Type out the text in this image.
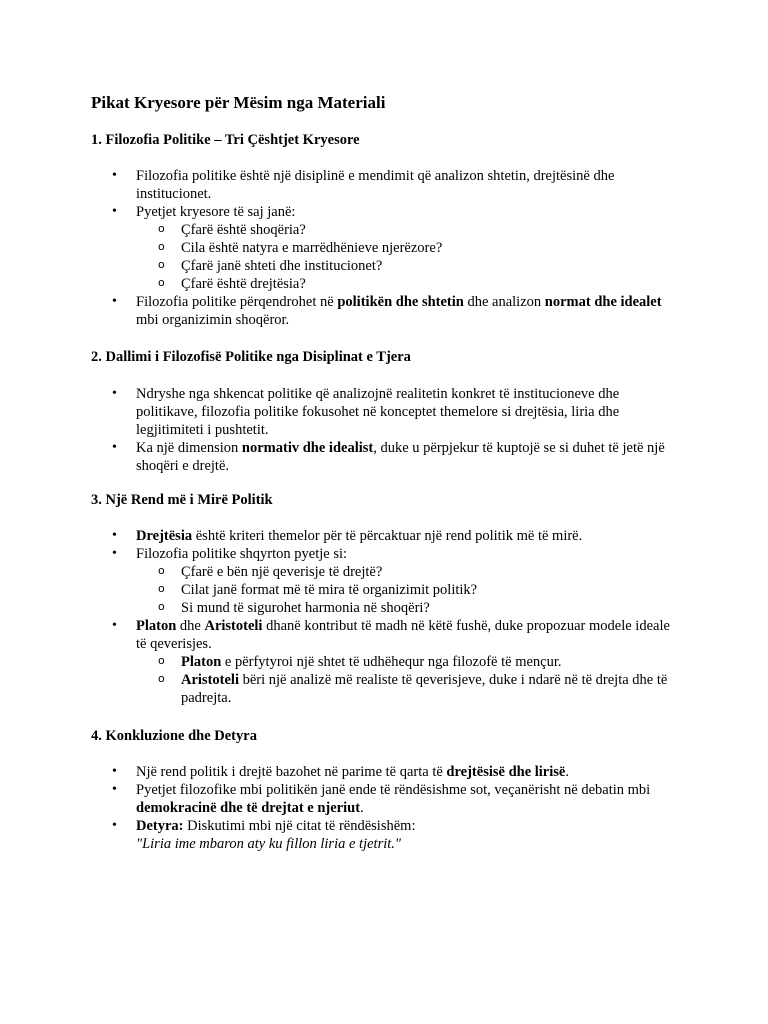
Pikat Kryesore për Mësim nga Materiali
1. Filozofia Politike – Tri Çështjet Kryesore
• Filozofia politike është një disiplinë e mendimit që analizon shtetin, drejtësinë dhe institucionet.
• Pyetjet kryesore të saj janë:
o Çfarë është shoqëria?
o Cila është natyra e marrëdhënieve njerëzore?
o Çfarë janë shteti dhe institucionet?
o Çfarë është drejtësia?
• Filozofia politike përqendrohet në politikën dhe shtetin dhe analizon normat dhe idealet mbi organizimin shoqëror.
2. Dallimi i Filozofisë Politike nga Disiplinat e Tjera
• Ndryshe nga shkencat politike që analizojnë realitetin konkret të institucioneve dhe politikave, filozofia politike fokusohet në konceptet themelore si drejtësia, liria dhe legjitimiteti i pushtetit.
• Ka një dimension normativ dhe idealist, duke u përpjekur të kuptojë se si duhet të jetë një shoqëri e drejtë.
3. Një Rend më i Mirë Politik
• Drejtësia është kriteri themelor për të përcaktuar një rend politik më të mirë.
• Filozofia politike shqyrton pyetje si:
o Çfarë e bën një qeverisje të drejtë?
o Cilat janë format më të mira të organizimit politik?
o Si mund të sigurohet harmonia në shoqëri?
• Platon dhe Aristoteli dhanë kontribut të madh në këtë fushë, duke propozuar modele ideale të qeverisjes.
o Platon e përfytyroi një shtet të udhëhequr nga filozofë të mençur.
o Aristoteli bëri një analizë më realiste të qeverisjeve, duke i ndarë në të drejta dhe të padrejta.
4. Konkluzione dhe Detyra
• Një rend politik i drejtë bazohet në parime të qarta të drejtësisë dhe lirisë.
• Pyetjet filozofike mbi politikën janë ende të rëndësishme sot, veçanërisht në debatin mbi demokracinë dhe të drejtat e njeriut.
• Detyra: Diskutimi mbi një citat të rëndësishëm:
"Liria ime mbaron aty ku fillon liria e tjetrit."
